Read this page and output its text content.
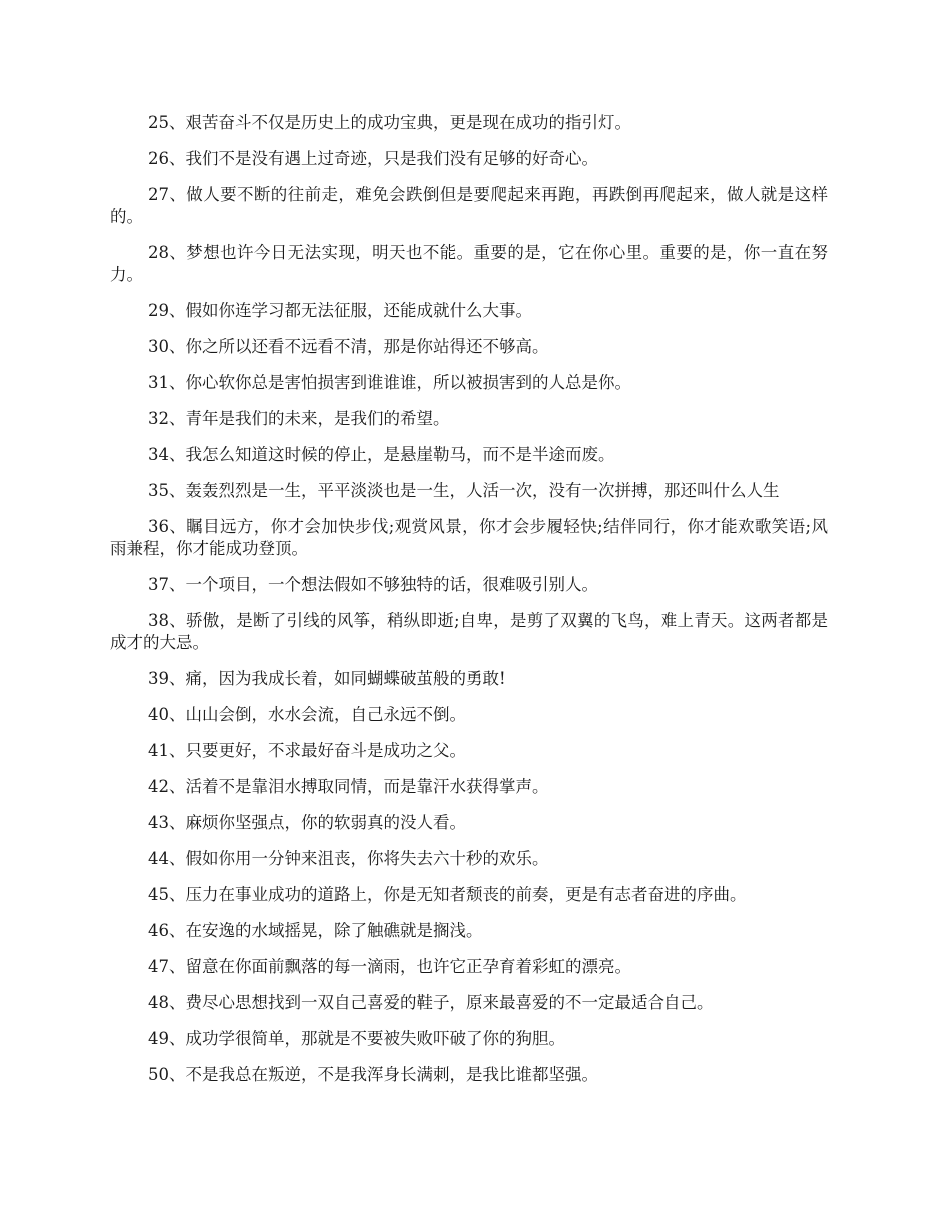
25、艰苦奋斗不仅是历史上的成功宝典，更是现在成功的指引灯。

26、我们不是没有遇上过奇迹，只是我们没有足够的好奇心。

27、做人要不断的往前走，难免会跌倒但是要爬起来再跑，再跌倒再爬起来，做人就是这样的。

28、梦想也许今日无法实现，明天也不能。重要的是，它在你心里。重要的是，你一直在努力。

29、假如你连学习都无法征服，还能成就什么大事。

30、你之所以还看不远看不清，那是你站得还不够高。

31、你心软你总是害怕损害到谁谁谁，所以被损害到的人总是你。

32、青年是我们的未来，是我们的希望。

34、我怎么知道这时候的停止，是悬崖勒马，而不是半途而废。

35、轰轰烈烈是一生，平平淡淡也是一生，人活一次，没有一次拼搏，那还叫什么人生

36、瞩目远方，你才会加快步伐;观赏风景，你才会步履轻快;结伴同行，你才能欢歌笑语;风雨兼程，你才能成功登顶。

37、一个项目，一个想法假如不够独特的话，很难吸引别人。

38、骄傲，是断了引线的风筝，稍纵即逝;自卑，是剪了双翼的飞鸟，难上青天。这两者都是成才的大忌。

39、痛，因为我成长着，如同蝴蝶破茧般的勇敢!

40、山山会倒，水水会流，自己永远不倒。

41、只要更好，不求最好奋斗是成功之父。

42、活着不是靠泪水搏取同情，而是靠汗水获得掌声。

43、麻烦你坚强点，你的软弱真的没人看。

44、假如你用一分钟来沮丧，你将失去六十秒的欢乐。

45、压力在事业成功的道路上，你是无知者颓丧的前奏，更是有志者奋进的序曲。

46、在安逸的水域摇晃，除了触礁就是搁浅。

47、留意在你面前飘落的每一滴雨，也许它正孕育着彩虹的漂亮。

48、费尽心思想找到一双自己喜爱的鞋子，原来最喜爱的不一定最适合自己。

49、成功学很简单，那就是不要被失败吓破了你的狗胆。

50、不是我总在叛逆，不是我浑身长满刺，是我比谁都坚强。
